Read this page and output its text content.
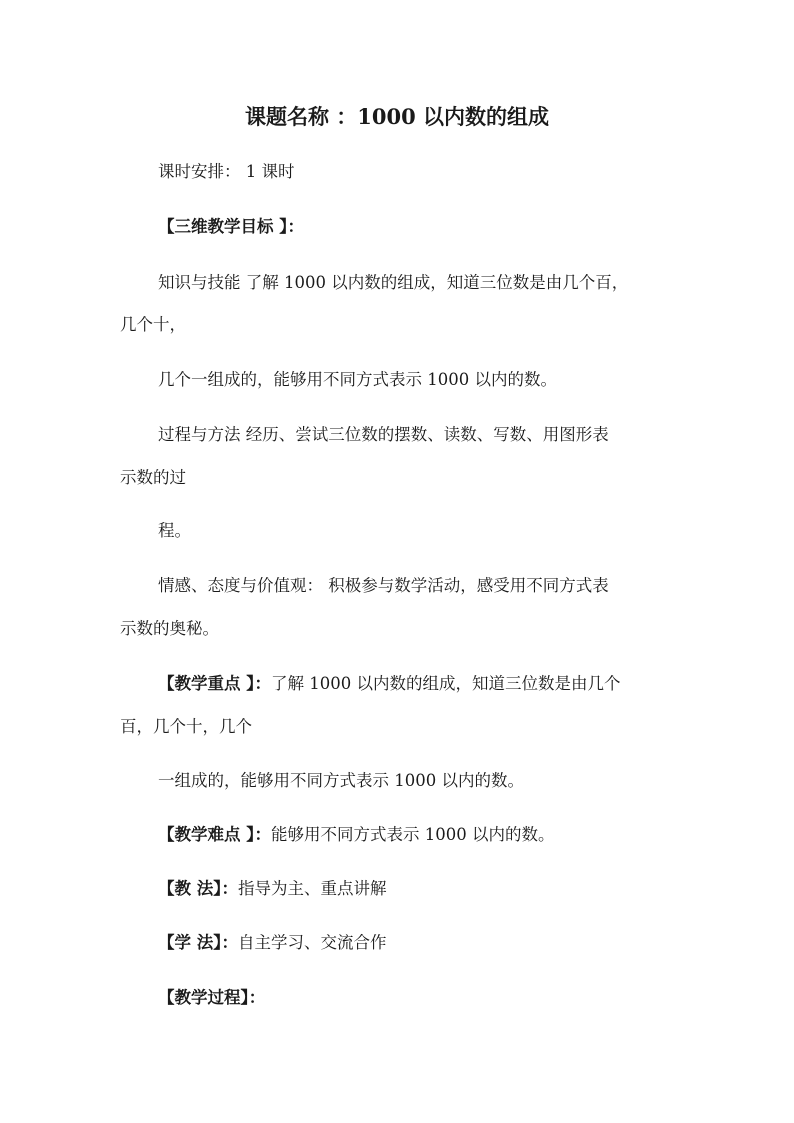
课题名称 ：1000 以内数的组成
课时安排： 1 课时
【三维教学目标 】：
知识与技能 了解 1000 以内数的组成，知道三位数是由几个百，
几个十，
几个一组成的，能够用不同方式表示 1000 以内的数。
过程与方法 经历、尝试三位数的摆数、读数、写数、用图形表
示数的过
程。
情感、态度与价值观： 积极参与数学活动，感受用不同方式表
示数的奥秘。
【教学重点 】：了解 1000 以内数的组成，知道三位数是由几个
百，几个十，几个
一组成的，能够用不同方式表示 1000 以内的数。
【教学难点 】：能够用不同方式表示 1000 以内的数。
【教 法】：指导为主、重点讲解
【学 法】：自主学习、交流合作
【教学过程】：
